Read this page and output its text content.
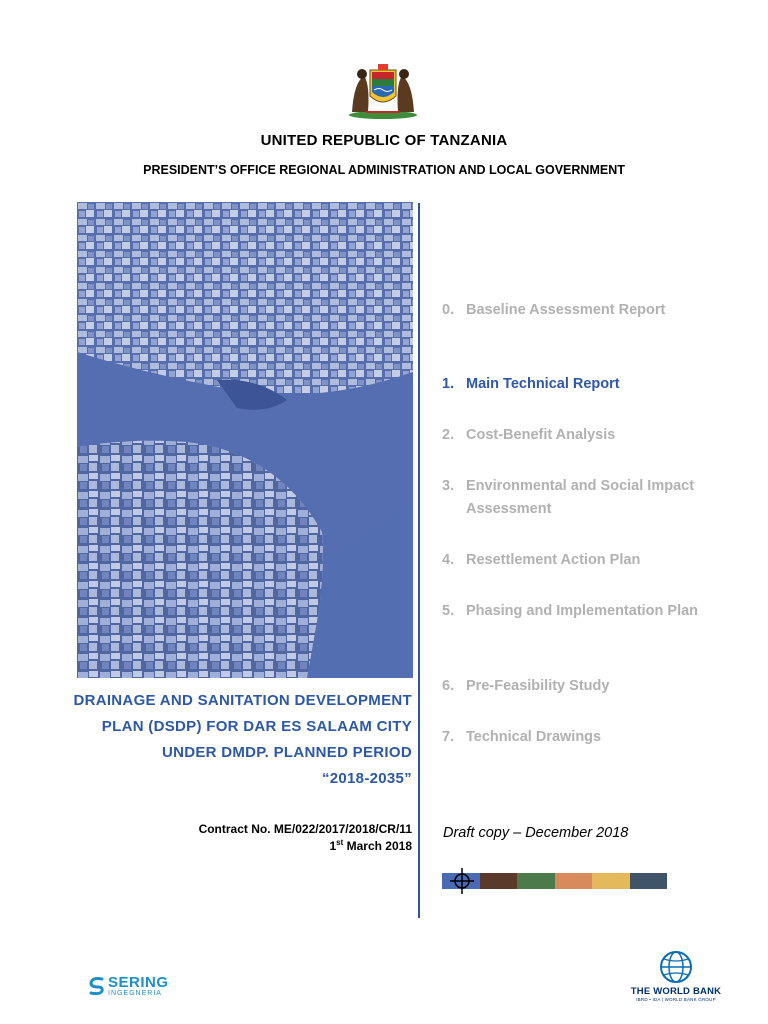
UNITED REPUBLIC OF TANZANIA
PRESIDENT’S OFFICE REGIONAL ADMINISTRATION AND LOCAL GOVERNMENT
0. Baseline Assessment Report
1. Main Technical Report
2. Cost-Benefit Analysis
3. Environmental and Social Impact Assessment
4. Resettlement Action Plan
5. Phasing and Implementation Plan
6. Pre-Feasibility Study
7. Technical Drawings
DRAINAGE AND SANITATION DEVELOPMENT
PLAN (DSDP) FOR DAR ES SALAAM CITY
UNDER DMDP. PLANNED PERIOD
“2018-2035”
Contract No. ME/022/2017/2018/CR/11
1st March 2018
Draft copy – December 2018
SERING
INGEGNERIA	THE WORLD BANK
IBRD • IDA | WORLD BANK GROUP
